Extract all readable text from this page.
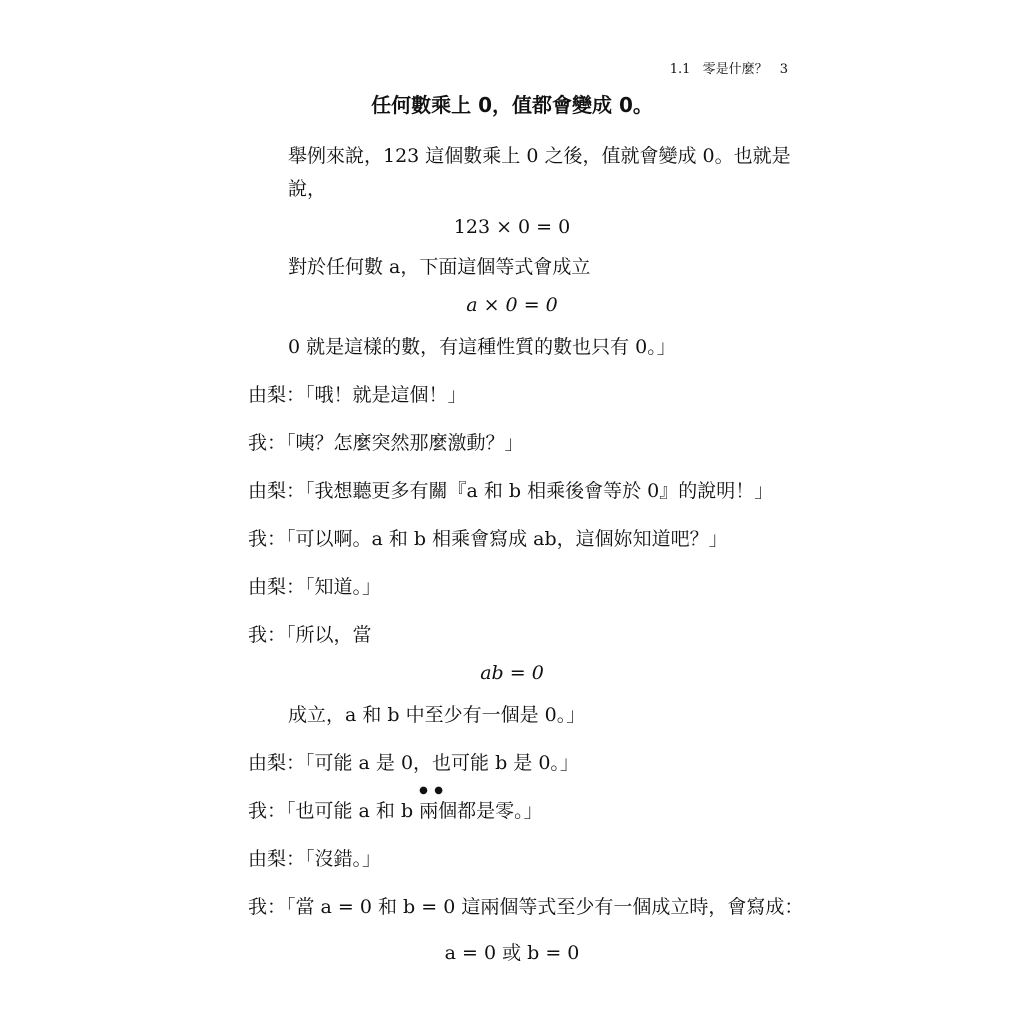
1.1 零是什麼？ 3
任何數乘上 0，值都會變成 0。
舉例來說，123 這個數乘上 0 之後，值就會變成 0。也就是
說，
123 × 0 = 0
對於任何數 a，下面這個等式會成立
a × 0 = 0
0 就是這樣的數，有這種性質的數也只有 0。」
由梨：「哦！就是這個！」
我：「咦？怎麼突然那麼激動？」
由梨：「我想聽更多有關『a 和 b 相乘後會等於 0』的說明！」
我：「可以啊。a 和 b 相乘會寫成 ab，這個妳知道吧？」
由梨：「知道。」
我：「所以，當
ab = 0
成立，a 和 b 中至少有一個是 0。」
由梨：「可能 a 是 0，也可能 b 是 0。」
我：「也可能 a 和 b ●  ● 兩個都是零。」
由梨：「沒錯。」
我：「當 a = 0 和 b = 0 這兩個等式至少有一個成立時，會寫成：
a = 0 或 b = 0
